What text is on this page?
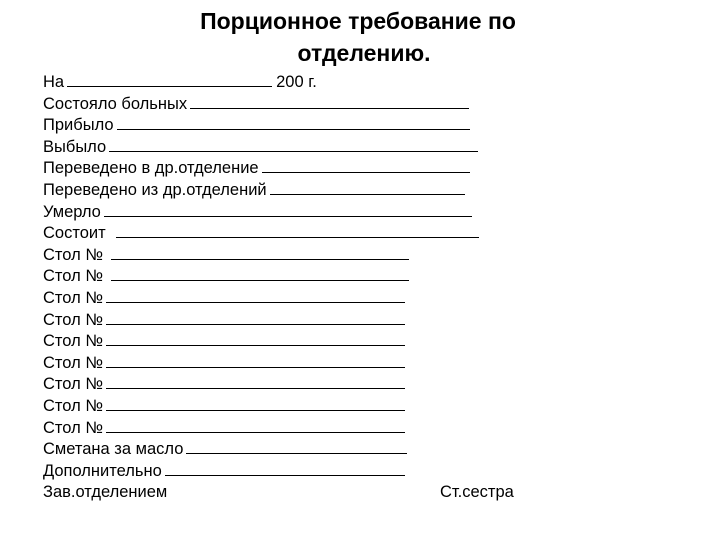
Порционное требование по
отделению.
На	200 г.
Состояло больных
Прибыло
Выбыло
Переведено в др.отделение
Переведено из др.отделений
Умерло
Состоит
Стол №
Стол №
Стол №
Стол №
Стол №
Стол №
Стол №
Стол №
Стол №
Сметана за масло
Дополнительно
Зав.отделением	Ст.сестра
